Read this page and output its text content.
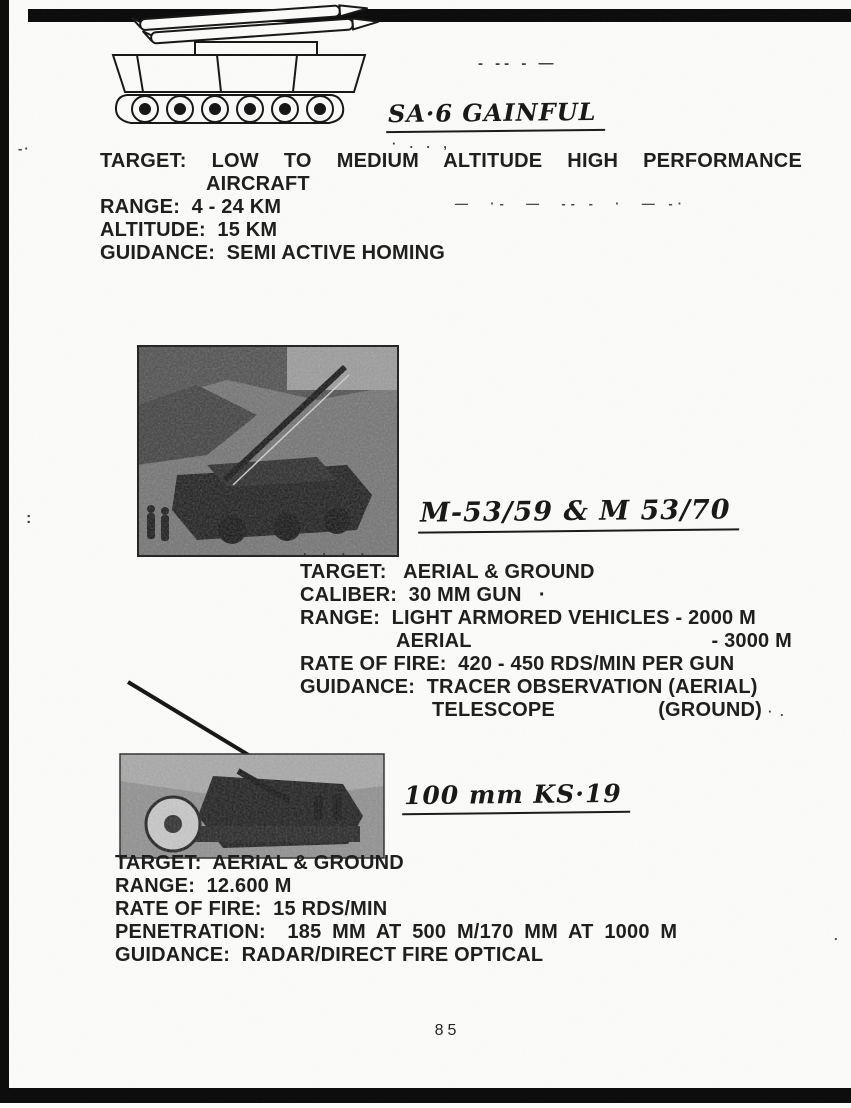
SA·6 GAINFUL
TARGET: LOW TO MEDIUM ALTITUDE HIGH PERFORMANCE
AIRCRAFT
RANGE:  4 - 24 KM
ALTITUDE:  15 KM
GUIDANCE:  SEMI ACTIVE HOMING
M-53/59 & M 53/70
TARGET:   AERIAL & GROUND
CALIBER:  30 MM GUN   ·
RANGE:  LIGHT ARMORED VEHICLES - 2000 M
AERIAL	- 3000 M
RATE OF FIRE:  420 - 450 RDS/MIN PER GUN
GUIDANCE:  TRACER OBSERVATION (AERIAL)
TELESCOPE	(GROUND)
100 mm KS·19
TARGET:  AERIAL & GROUND
RANGE:  12.600 M
RATE OF FIRE:  15 RDS/MIN
PENETRATION:  185 MM AT 500 M/170 MM AT 1000 M
GUIDANCE:  RADAR/DIRECT FIRE OPTICAL
- -- - —
·  .  .  ,
—  ·-  —  -- -  ·  — -·
-·
:
· .
.
. . . .
85
